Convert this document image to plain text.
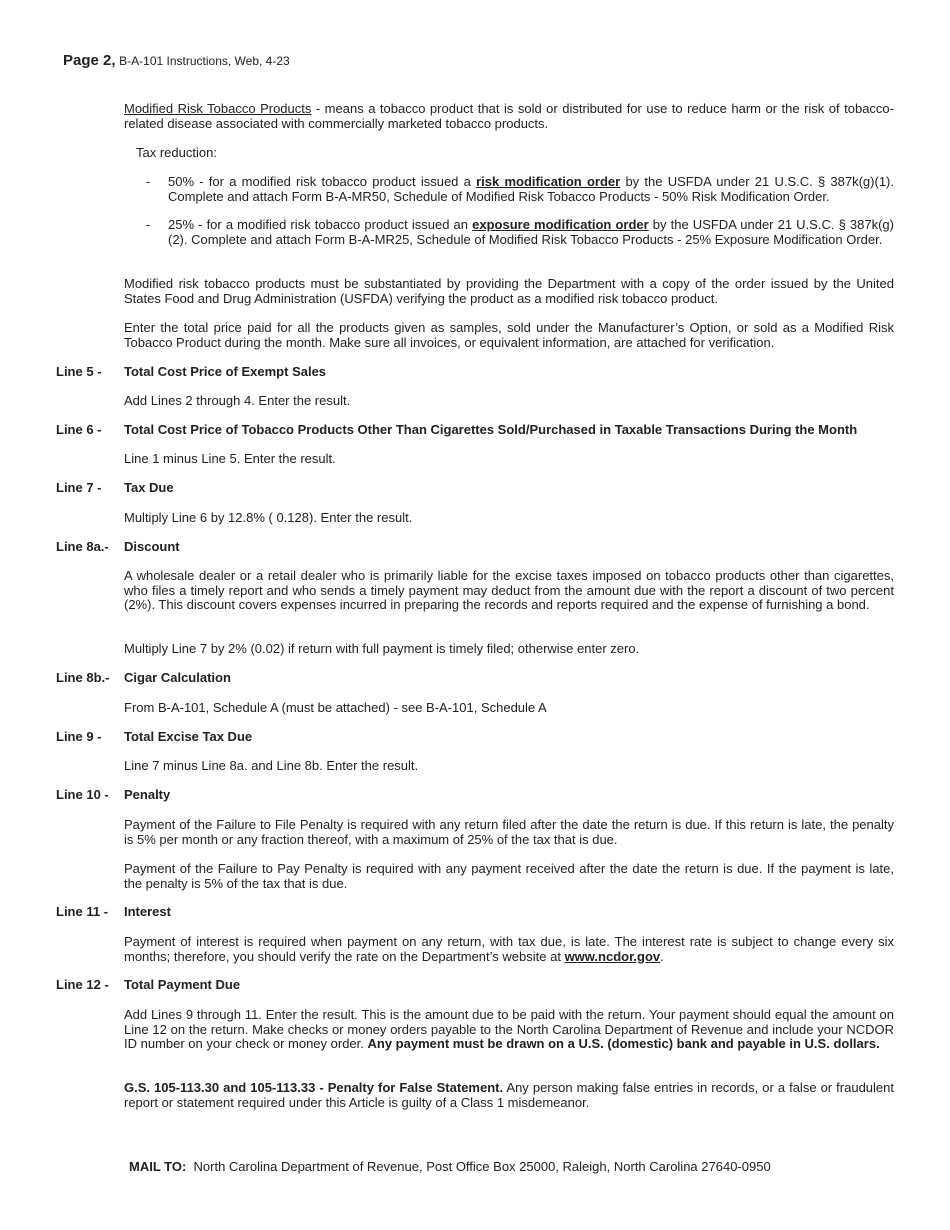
Page 2, B-A-101 Instructions, Web, 4-23
Modified Risk Tobacco Products - means a tobacco product that is sold or distributed for use to reduce harm or the risk of tobacco-related disease associated with commercially marketed tobacco products.
Tax reduction:
- 50% - for a modified risk tobacco product issued a risk modification order by the USFDA under 21 U.S.C. § 387k(g)(1). Complete and attach Form B-A-MR50, Schedule of Modified Risk Tobacco Products - 50% Risk Modification Order.
- 25% - for a modified risk tobacco product issued an exposure modification order by the USFDA under 21 U.S.C. § 387k(g)(2). Complete and attach Form B-A-MR25, Schedule of Modified Risk Tobacco Products - 25% Exposure Modification Order.
Modified risk tobacco products must be substantiated by providing the Department with a copy of the order issued by the United States Food and Drug Administration (USFDA) verifying the product as a modified risk tobacco product.
Enter the total price paid for all the products given as samples, sold under the Manufacturer’s Option, or sold as a Modified Risk Tobacco Product during the month. Make sure all invoices, or equivalent information, are attached for verification.
Line 5 - Total Cost Price of Exempt Sales
Add Lines 2 through 4. Enter the result.
Line 6 - Total Cost Price of Tobacco Products Other Than Cigarettes Sold/Purchased in Taxable Transactions During the Month
Line 1 minus Line 5. Enter the result.
Line 7 - Tax Due
Multiply Line 6 by 12.8% ( 0.128). Enter the result.
Line 8a.- Discount
A wholesale dealer or a retail dealer who is primarily liable for the excise taxes imposed on tobacco products other than cigarettes, who files a timely report and who sends a timely payment may deduct from the amount due with the report a discount of two percent (2%). This discount covers expenses incurred in preparing the records and reports required and the expense of furnishing a bond.
Multiply Line 7 by 2% (0.02) if return with full payment is timely filed; otherwise enter zero.
Line 8b.- Cigar Calculation
From B-A-101, Schedule A (must be attached) - see B-A-101, Schedule A
Line 9 - Total Excise Tax Due
Line 7 minus Line 8a. and Line 8b. Enter the result.
Line 10 - Penalty
Payment of the Failure to File Penalty is required with any return filed after the date the return is due. If this return is late, the penalty is 5% per month or any fraction thereof, with a maximum of 25% of the tax that is due.
Payment of the Failure to Pay Penalty is required with any payment received after the date the return is due. If the payment is late, the penalty is 5% of the tax that is due.
Line 11 - Interest
Payment of interest is required when payment on any return, with tax due, is late. The interest rate is subject to change every six months; therefore, you should verify the rate on the Department’s website at www.ncdor.gov.
Line 12 - Total Payment Due
Add Lines 9 through 11. Enter the result. This is the amount due to be paid with the return. Your payment should equal the amount on Line 12 on the return. Make checks or money orders payable to the North Carolina Department of Revenue and include your NCDOR ID number on your check or money order. Any payment must be drawn on a U.S. (domestic) bank and payable in U.S. dollars.
G.S. 105-113.30 and 105-113.33 - Penalty for False Statement. Any person making false entries in records, or a false or fraudulent report or statement required under this Article is guilty of a Class 1 misdemeanor.
MAIL TO:  North Carolina Department of Revenue, Post Office Box 25000, Raleigh, North Carolina 27640-0950
